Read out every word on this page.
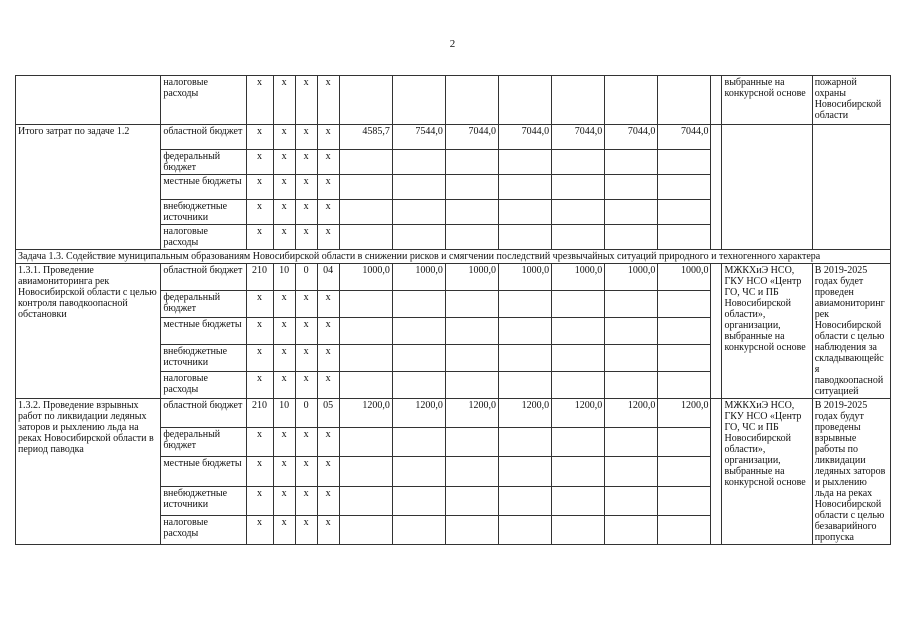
2
	налоговые расходы	x	x	x	x									выбранные на конкурсной основе	пожарной охраны Новосибирской области
Итого затрат по задаче 1.2	областной бюджет	x	x	x	x	4585,7	7544,0	7044,0	7044,0	7044,0	7044,0	7044,0			
	федеральный бюджет	x	x	x	x										
	местные бюджеты	x	x	x	x										
	внебюджетные источники	x	x	x	x										
	налоговые расходы	x	x	x	x										
Задача 1.3. Содействие муниципальным образованиям Новосибирской области в снижении рисков и смягчении последствий чрезвычайных ситуаций природного и техногенного характера															
1.3.1. Проведение авиамониторинга рек Новосибирской области с целью контроля паводкоопасной обстановки	областной бюджет	210	10	0	04	1000,0	1000,0	1000,0	1000,0	1000,0	1000,0	1000,0		МЖКХиЭ НСО, ГКУ НСО «Центр ГО, ЧС и ПБ Новосибирской области», организации, выбранные на конкурсной основе	В 2019-2025 годах будет проведен авиамониторинг рек Новосибирской области с целью наблюдения за складывающейся паводкоопасной ситуацией
	федеральный бюджет	x	x	x	x										
	местные бюджеты	x	x	x	x										
	внебюджетные источники	x	x	x	x										
	налоговые расходы	x	x	x	x										
1.3.2. Проведение взрывных работ по ликвидации ледяных заторов и рыхлению льда на реках Новосибирской области в период паводка	областной бюджет	210	10	0	05	1200,0	1200,0	1200,0	1200,0	1200,0	1200,0	1200,0		МЖКХиЭ НСО, ГКУ НСО «Центр ГО, ЧС и ПБ Новосибирской области», организации, выбранные на конкурсной основе	В 2019-2025 годах будут проведены взрывные работы по ликвидации ледяных заторов и рыхлению льда на реках Новосибирской области с целью безаварийного пропуска
	федеральный бюджет	x	x	x	x										
	местные бюджеты	x	x	x	x										
	внебюджетные источники	x	x	x	x										
	налоговые расходы	x	x	x	x										
